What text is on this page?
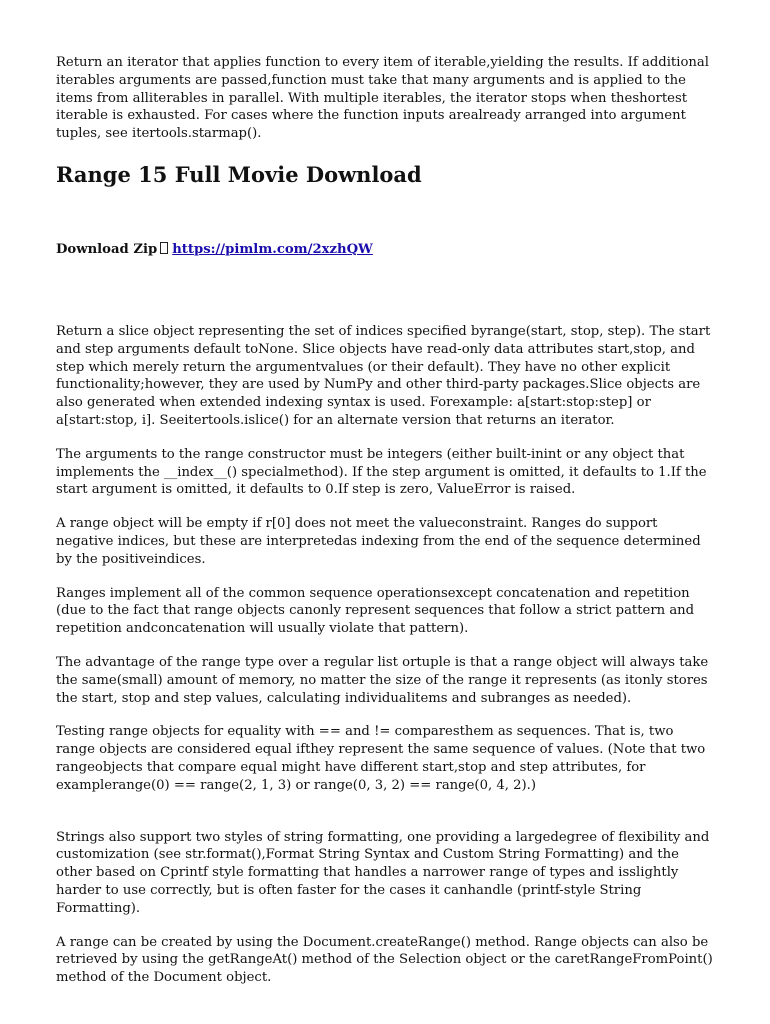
Return an iterator that applies function to every item of iterable,yielding the results. If additional iterables arguments are passed,function must take that many arguments and is applied to the items from alliterables in parallel. With multiple iterables, the iterator stops when theshortest iterable is exhausted. For cases where the function inputs arealready arranged into argument tuples, see itertools.starmap().

Range 15 Full Movie Download
Download Zip https://pimlm.com/2xzhQW

Return a slice object representing the set of indices specified byrange(start, stop, step). The start and step arguments default toNone. Slice objects have read-only data attributes start,stop, and step which merely return the argumentvalues (or their default). They have no other explicit functionality;however, they are used by NumPy and other third-party packages.Slice objects are also generated when extended indexing syntax is used. Forexample: a[start:stop:step] or a[start:stop, i]. Seeitertools.islice() for an alternate version that returns an iterator.

The arguments to the range constructor must be integers (either built-inint or any object that implements the __index__() specialmethod). If the step argument is omitted, it defaults to 1.If the start argument is omitted, it defaults to 0.If step is zero, ValueError is raised.

A range object will be empty if r[0] does not meet the valueconstraint. Ranges do support negative indices, but these are interpretedas indexing from the end of the sequence determined by the positiveindices.

Ranges implement all of the common sequence operationsexcept concatenation and repetition (due to the fact that range objects canonly represent sequences that follow a strict pattern and repetition andconcatenation will usually violate that pattern).

The advantage of the range type over a regular list ortuple is that a range object will always take the same(small) amount of memory, no matter the size of the range it represents (as itonly stores the start, stop and step values, calculating individualitems and subranges as needed).

Testing range objects for equality with == and != comparesthem as sequences. That is, two range objects are considered equal ifthey represent the same sequence of values. (Note that two rangeobjects that compare equal might have different start,stop and step attributes, for examplerange(0) == range(2, 1, 3) or range(0, 3, 2) == range(0, 4, 2).)

Strings also support two styles of string formatting, one providing a largedegree of flexibility and customization (see str.format(),Format String Syntax and Custom String Formatting) and the other based on Cprintf style formatting that handles a narrower range of types and isslightly harder to use correctly, but is often faster for the cases it canhandle (printf-style String Formatting).

A range can be created by using the Document.createRange() method. Range objects can also be retrieved by using the getRangeAt() method of the Selection object or the caretRangeFromPoint() method of the Document object.
